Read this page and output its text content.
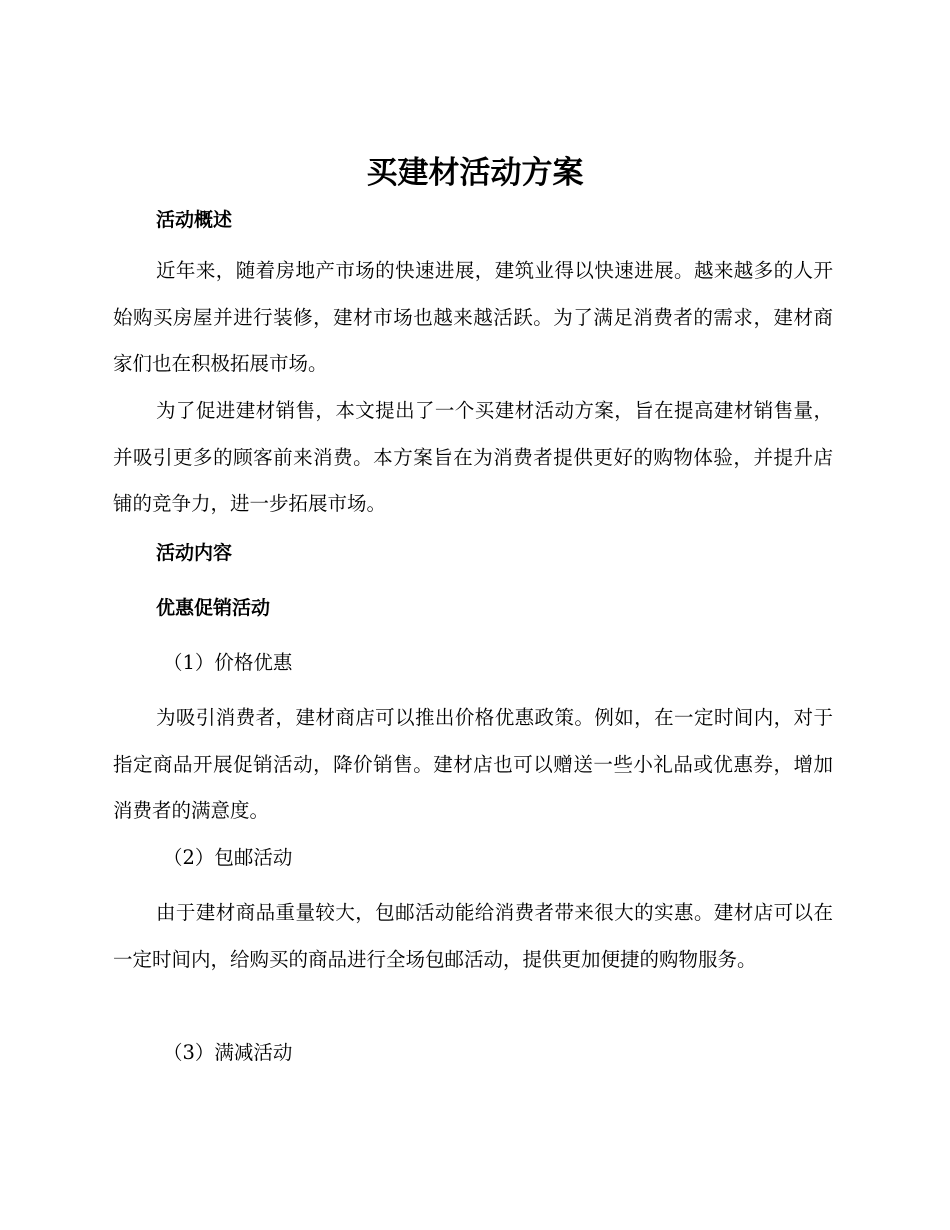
买建材活动方案
活动概述

近年来，随着房地产市场的快速进展，建筑业得以快速进展。越来越多的人开始购买房屋并进行装修，建材市场也越来越活跃。为了满足消费者的需求，建材商家们也在积极拓展市场。

为了促进建材销售，本文提出了一个买建材活动方案，旨在提高建材销售量，并吸引更多的顾客前来消费。本方案旨在为消费者提供更好的购物体验，并提升店铺的竞争力，进一步拓展市场。

活动内容
优惠促销活动

（1）价格优惠

为吸引消费者，建材商店可以推出价格优惠政策。例如，在一定时间内，对于指定商品开展促销活动，降价销售。建材店也可以赠送一些小礼品或优惠券，增加消费者的满意度。

（2）包邮活动

由于建材商品重量较大，包邮活动能给消费者带来很大的实惠。建材店可以在一定时间内，给购买的商品进行全场包邮活动，提供更加便捷的购物服务。

（3）满减活动
